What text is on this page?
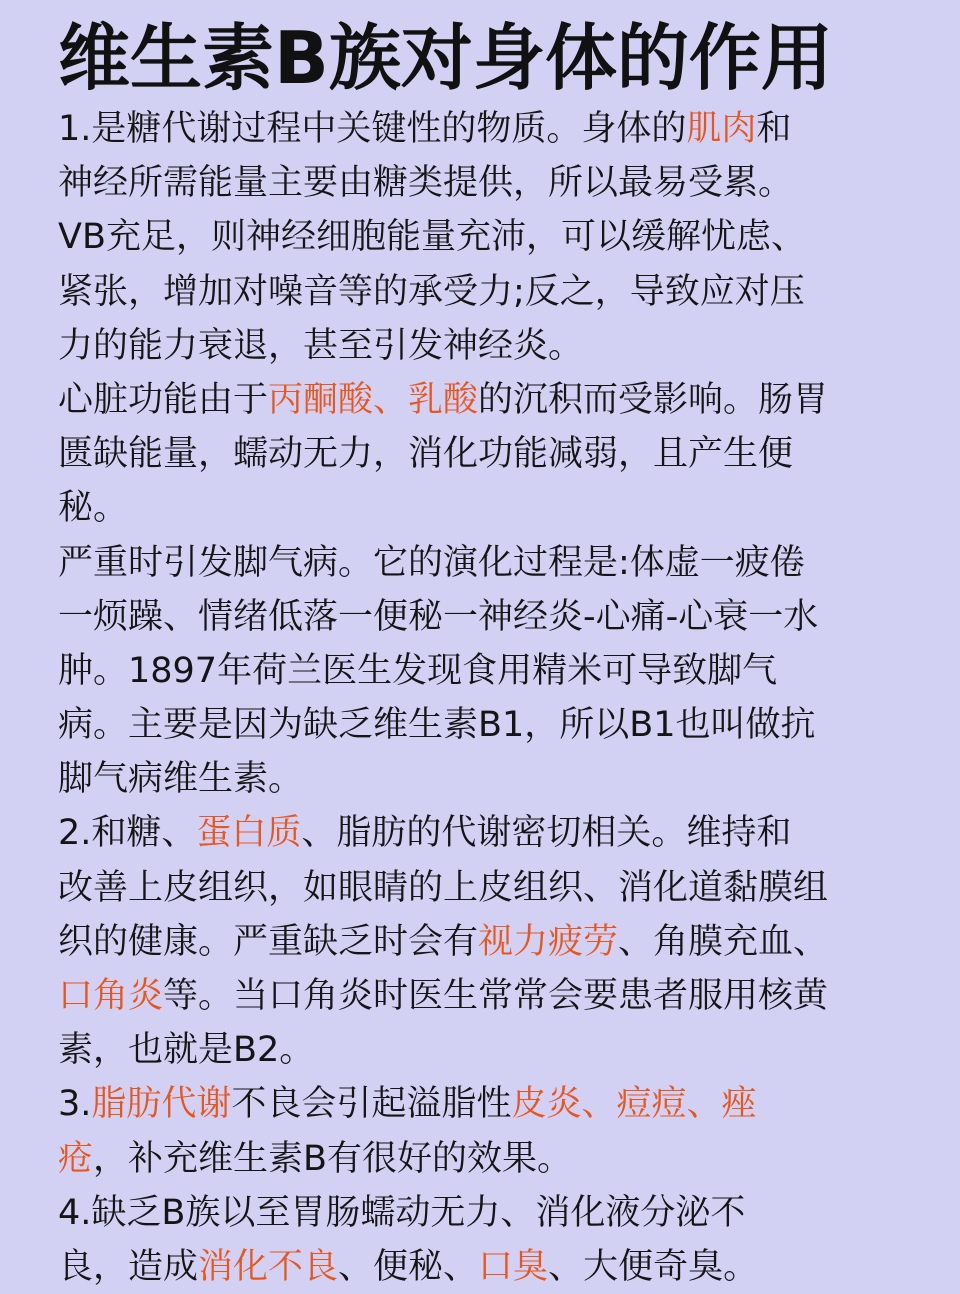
维生素B族对身体的作用
1.是糖代谢过程中关键性的物质。身体的肌肉和
神经所需能量主要由糖类提供，所以最易受累。
VB充足，则神经细胞能量充沛，可以缓解忧虑、
紧张，增加对噪音等的承受力;反之，导致应对压
力的能力衰退，甚至引发神经炎。
心脏功能由于丙酮酸、乳酸的沉积而受影响。肠胃
匮缺能量，蠕动无力，消化功能减弱，且产生便
秘。
严重时引发脚气病。它的演化过程是:体虚一疲倦
一烦躁、情绪低落一便秘一神经炎-心痛-心衰一水
肿。1897年荷兰医生发现食用精米可导致脚气
病。主要是因为缺乏维生素B1，所以B1也叫做抗
脚气病维生素。
2.和糖、蛋白质、脂肪的代谢密切相关。维持和
改善上皮组织，如眼睛的上皮组织、消化道黏膜组
织的健康。严重缺乏时会有视力疲劳、角膜充血、
口角炎等。当口角炎时医生常常会要患者服用核黄
素，也就是B2。
3.脂肪代谢不良会引起溢脂性皮炎、痘痘、痤
疮，补充维生素B有很好的效果。
4.缺乏B族以至胃肠蠕动无力、消化液分泌不
良，造成消化不良、便秘、口臭、大便奇臭。
